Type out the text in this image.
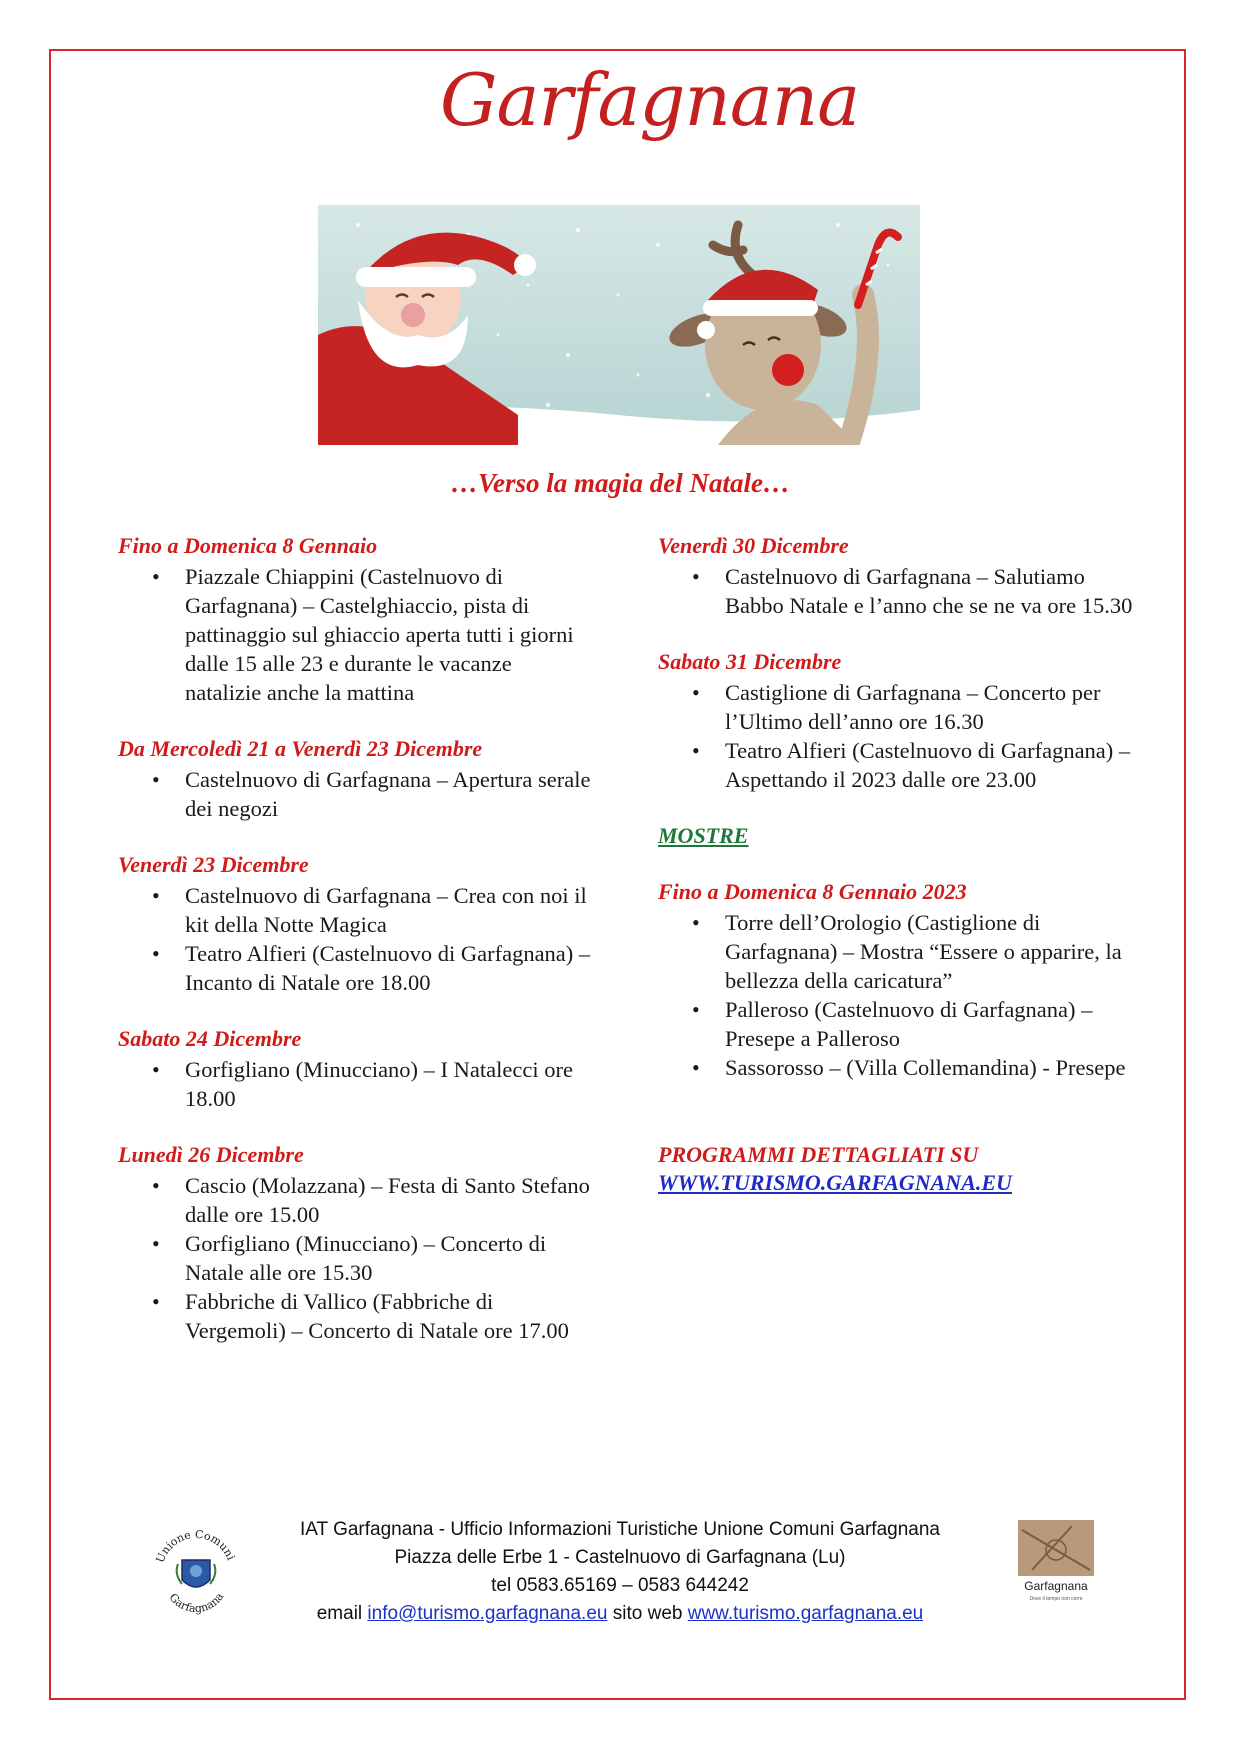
Garfagnana
…Verso la magia del Natale…
Fino a Domenica 8 Gennaio
• Piazzale Chiappini (Castelnuovo di Garfagnana) – Castelghiaccio, pista di pattinaggio sul ghiaccio aperta tutti i giorni dalle 15 alle 23 e durante le vacanze natalizie anche la mattina
Da Mercoledì 21 a Venerdì 23 Dicembre
• Castelnuovo di Garfagnana – Apertura serale dei negozi
Venerdì 23 Dicembre
• Castelnuovo di Garfagnana – Crea con noi il kit della Notte Magica
• Teatro Alfieri (Castelnuovo di Garfagnana) – Incanto di Natale ore 18.00
Sabato 24 Dicembre
• Gorfigliano (Minucciano) – I Natalecci ore 18.00
Lunedì 26 Dicembre
• Cascio (Molazzana) – Festa di Santo Stefano dalle ore 15.00
• Gorfigliano (Minucciano) – Concerto di Natale alle ore 15.30
• Fabbriche di Vallico (Fabbriche di Vergemoli) – Concerto di Natale ore 17.00
Venerdì 30 Dicembre
• Castelnuovo di Garfagnana – Salutiamo Babbo Natale e l’anno che se ne va ore 15.30
Sabato 31 Dicembre
• Castiglione di Garfagnana – Concerto per l’Ultimo dell’anno ore 16.30
• Teatro Alfieri (Castelnuovo di Garfagnana) – Aspettando il 2023 dalle ore 23.00
MOSTRE
Fino a Domenica 8 Gennaio 2023
• Torre dell’Orologio (Castiglione di Garfagnana) – Mostra “Essere o apparire, la bellezza della caricatura”
• Palleroso (Castelnuovo di Garfagnana) – Presepe a Palleroso
• Sassorosso – (Villa Collemandina) - Presepe
PROGRAMMI DETTAGLIATI SU
WWW.TURISMO.GARFAGNANA.EU
Unione Comuni
Garfagnana
IAT Garfagnana - Ufficio Informazioni Turistiche Unione Comuni Garfagnana
Piazza delle Erbe 1 - Castelnuovo di Garfagnana (Lu)
tel 0583.65169 – 0583 644242
email info@turismo.garfagnana.eu sito web www.turismo.garfagnana.eu
Garfagnana
Dove il tempo non corre
